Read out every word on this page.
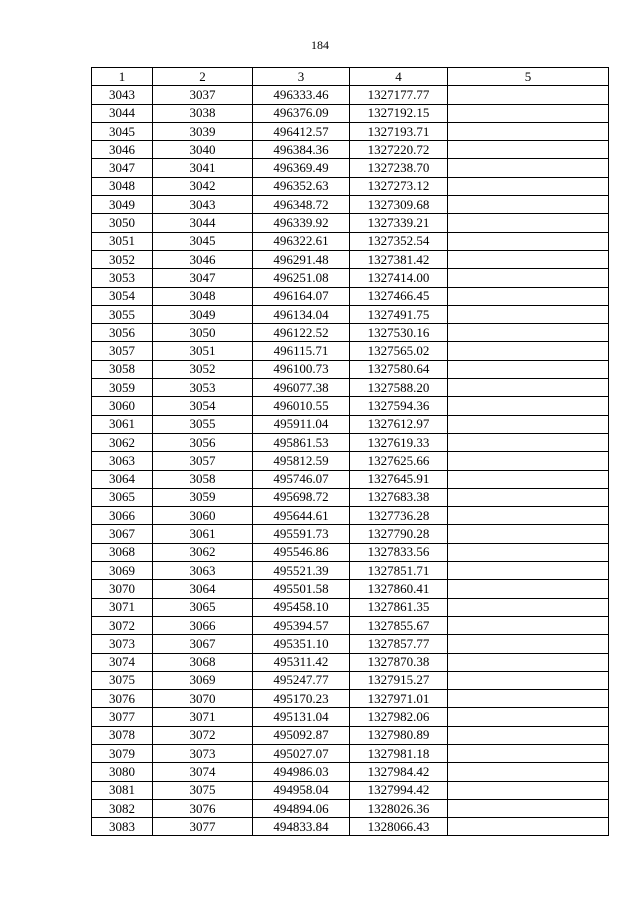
184
1	2	3	4	5
3043	3037	496333.46	1327177.77	
3044	3038	496376.09	1327192.15	
3045	3039	496412.57	1327193.71	
3046	3040	496384.36	1327220.72	
3047	3041	496369.49	1327238.70	
3048	3042	496352.63	1327273.12	
3049	3043	496348.72	1327309.68	
3050	3044	496339.92	1327339.21	
3051	3045	496322.61	1327352.54	
3052	3046	496291.48	1327381.42	
3053	3047	496251.08	1327414.00	
3054	3048	496164.07	1327466.45	
3055	3049	496134.04	1327491.75	
3056	3050	496122.52	1327530.16	
3057	3051	496115.71	1327565.02	
3058	3052	496100.73	1327580.64	
3059	3053	496077.38	1327588.20	
3060	3054	496010.55	1327594.36	
3061	3055	495911.04	1327612.97	
3062	3056	495861.53	1327619.33	
3063	3057	495812.59	1327625.66	
3064	3058	495746.07	1327645.91	
3065	3059	495698.72	1327683.38	
3066	3060	495644.61	1327736.28	
3067	3061	495591.73	1327790.28	
3068	3062	495546.86	1327833.56	
3069	3063	495521.39	1327851.71	
3070	3064	495501.58	1327860.41	
3071	3065	495458.10	1327861.35	
3072	3066	495394.57	1327855.67	
3073	3067	495351.10	1327857.77	
3074	3068	495311.42	1327870.38	
3075	3069	495247.77	1327915.27	
3076	3070	495170.23	1327971.01	
3077	3071	495131.04	1327982.06	
3078	3072	495092.87	1327980.89	
3079	3073	495027.07	1327981.18	
3080	3074	494986.03	1327984.42	
3081	3075	494958.04	1327994.42	
3082	3076	494894.06	1328026.36	
3083	3077	494833.84	1328066.43	
